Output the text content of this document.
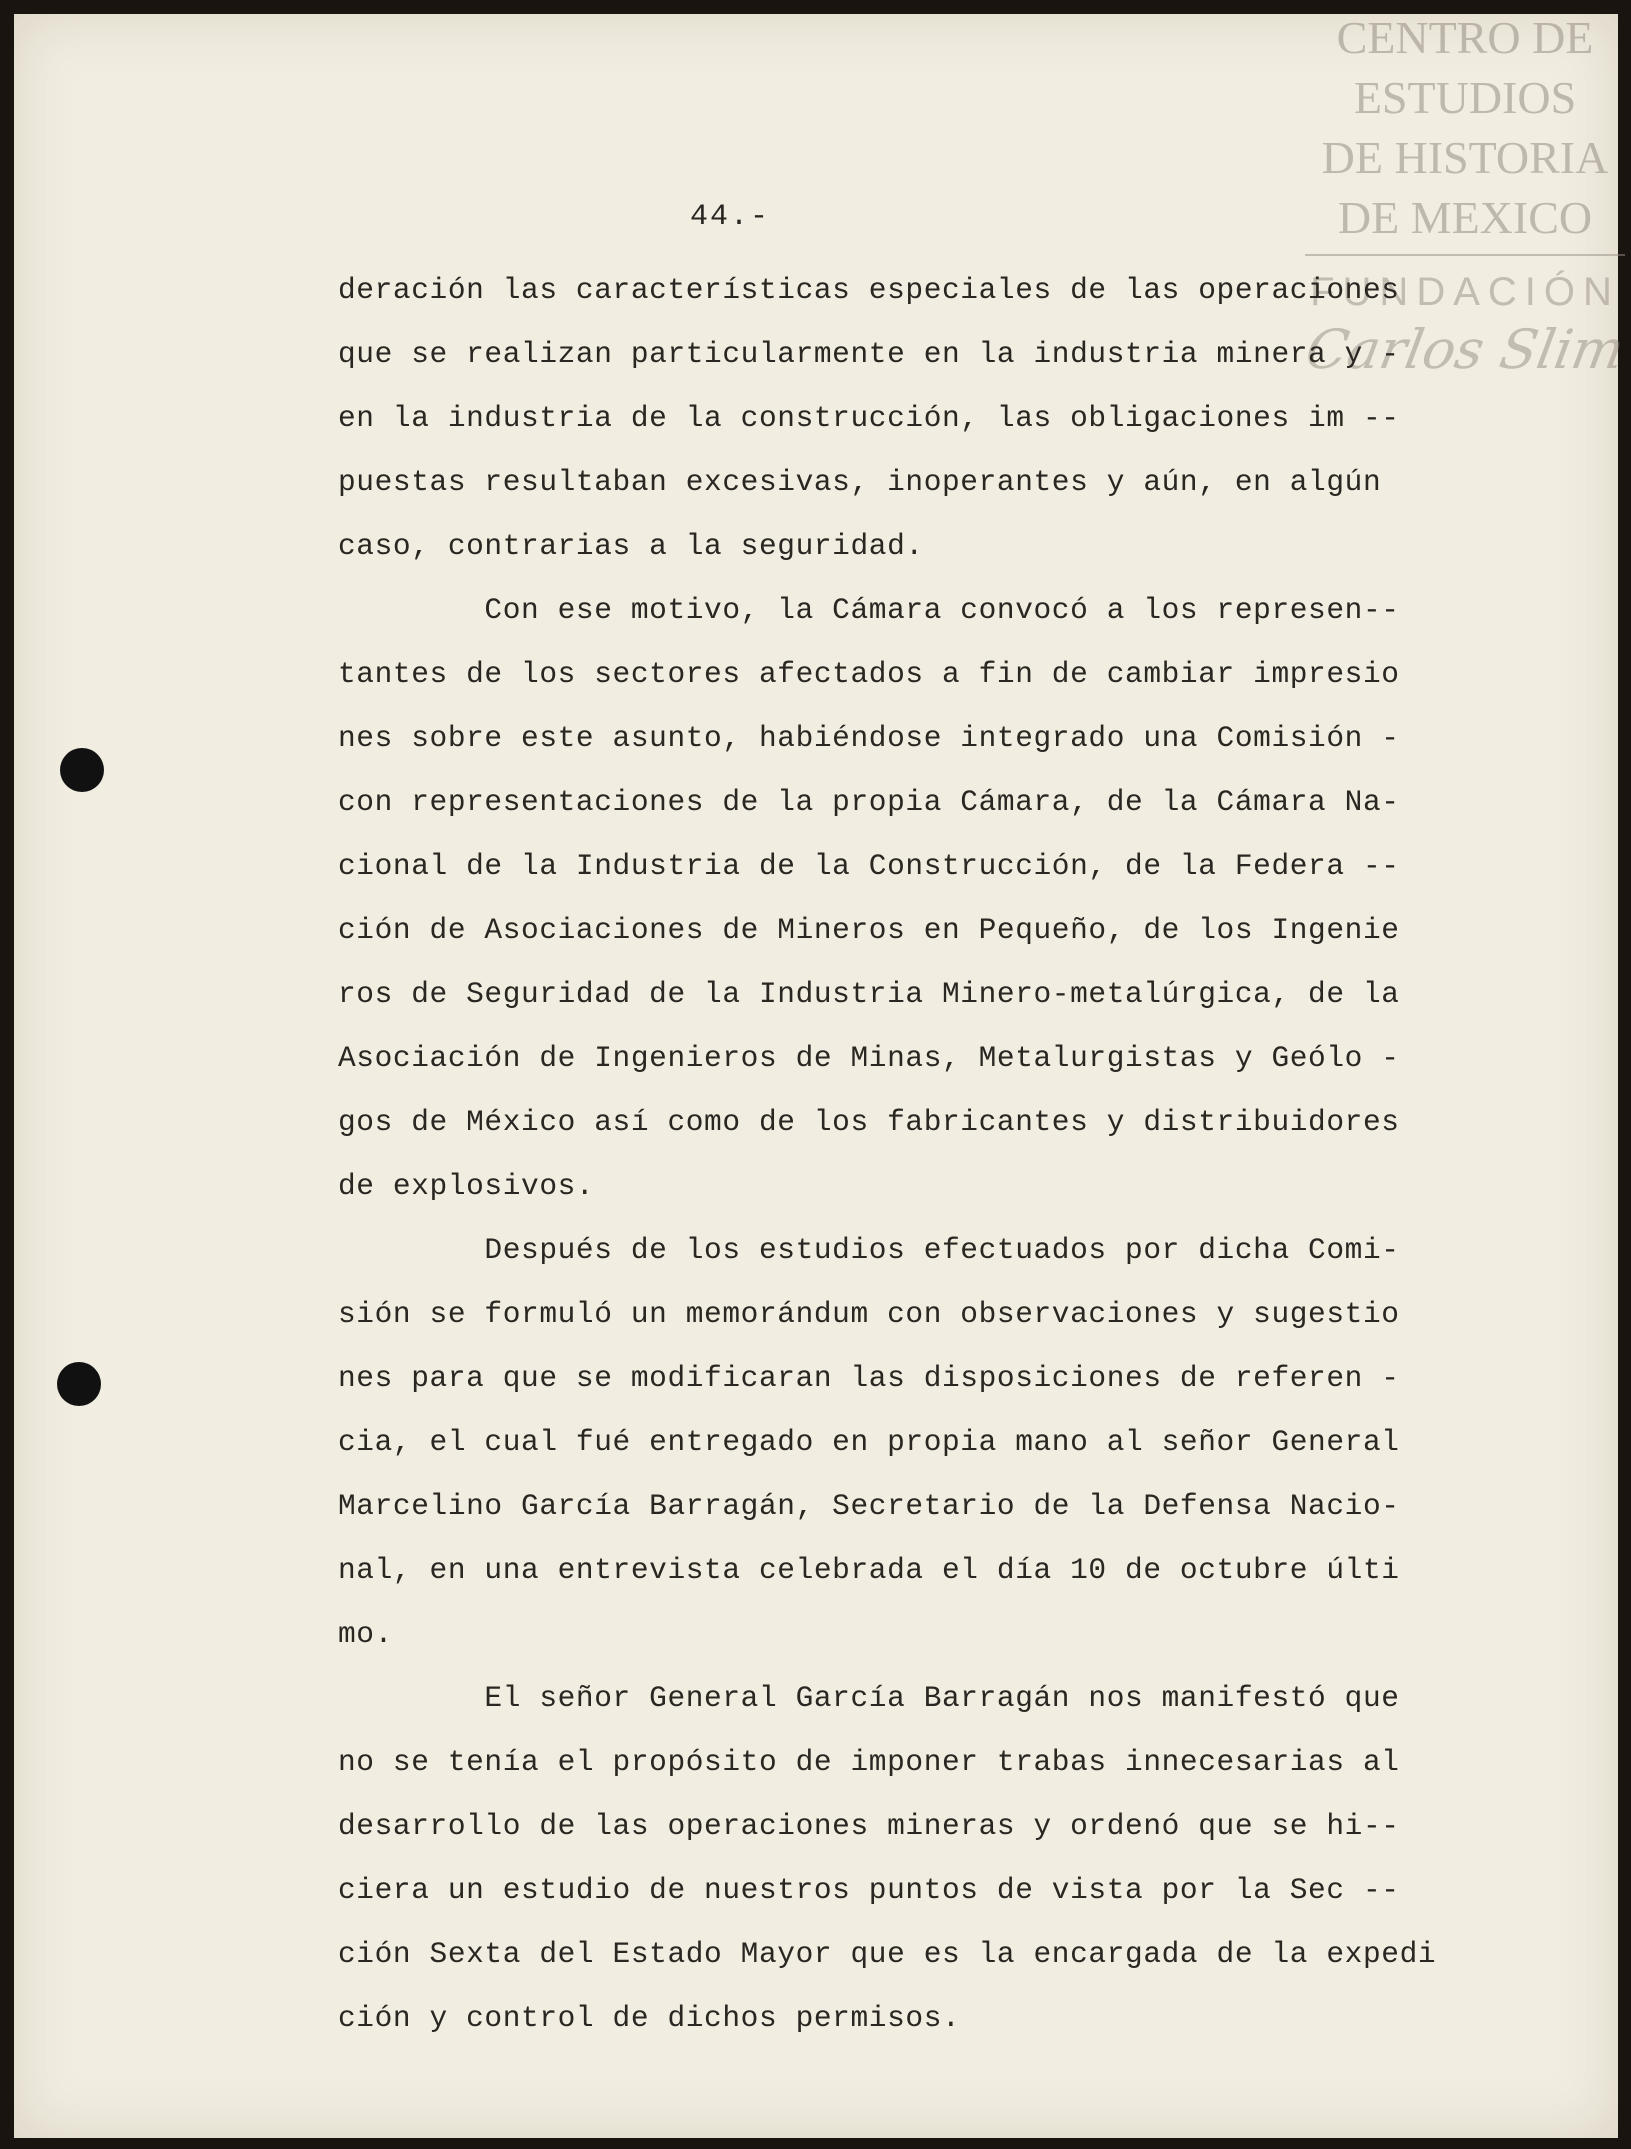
CENTRO DE
ESTUDIOS
DE HISTORIA
DE MEXICO
FUNDACIÓN
Carlos Slim
44.-
deración las características especiales de las operaciones
que se realizan particularmente en la industria minera y -
en la industria de la construcción, las obligaciones im --
puestas resultaban excesivas, inoperantes y aún, en algún
caso, contrarias a la seguridad.
Con ese motivo, la Cámara convocó a los represen--
tantes de los sectores afectados a fin de cambiar impresio
nes sobre este asunto, habiéndose integrado una Comisión -
con representaciones de la propia Cámara, de la Cámara Na-
cional de la Industria de la Construcción, de la Federa --
ción de Asociaciones de Mineros en Pequeño, de los Ingenie
ros de Seguridad de la Industria Minero-metalúrgica, de la
Asociación de Ingenieros de Minas, Metalurgistas y Geólo -
gos de México así como de los fabricantes y distribuidores
de explosivos.
Después de los estudios efectuados por dicha Comi-
sión se formuló un memorándum con observaciones y sugestio
nes para que se modificaran las disposiciones de referen -
cia, el cual fué entregado en propia mano al señor General
Marcelino García Barragán, Secretario de la Defensa Nacio-
nal, en una entrevista celebrada el día 10 de octubre últi
mo.
El señor General García Barragán nos manifestó que
no se tenía el propósito de imponer trabas innecesarias al
desarrollo de las operaciones mineras y ordenó que se hi--
ciera un estudio de nuestros puntos de vista por la Sec --
ción Sexta del Estado Mayor que es la encargada de la expedi
ción y control de dichos permisos.
